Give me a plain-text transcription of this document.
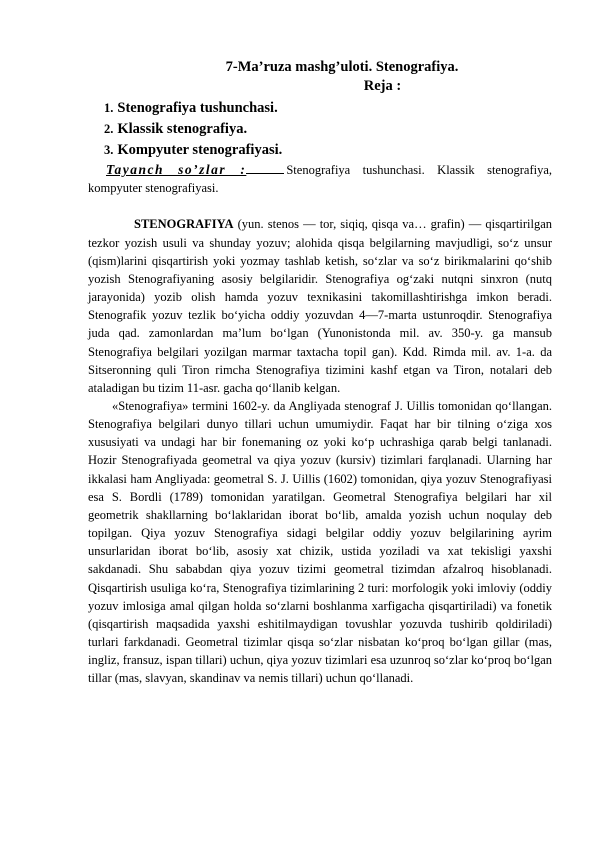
7-Ma’ruza mashg’uloti. Stenografiya.

Reja :

1. Stenografiya tushunchasi.
2. Klassik stenografiya.
3. Kompyuter stenografiyasi.

Tayanch so’zlar :	Stenografiya tushunchasi. Klassik stenografiya, kompyuter stenografiyasi.

STENOGRAFIYA (yun. stenos — tor, siqiq, qisqa va… grafin) — qisqartirilgan tezkor yozish usuli va shunday yozuv; alohida qisqa belgilarning mavjudligi, so‘z unsur (qism)larini qisqartirish yoki yozmay tashlab ketish, so‘zlar va so‘z birikmalarini qo‘shib yozish Stenografiyaning asosiy belgilaridir. Stenografiya og‘zaki nutqni sinxron (nutq jarayonida) yozib olish hamda yozuv texnikasini takomillashtirishga imkon beradi. Stenografik yozuv tezlik bo‘yicha oddiy yozuvdan 4—7-marta ustunroqdir. Stenografiya juda qad. zamonlardan ma’lum bo‘lgan (Yunonistonda mil. av. 350-y. ga mansub Stenografiya belgilari yozilgan marmar taxtacha topil gan). Kdd. Rimda mil. av. 1-a. da Sitseronning quli Tiron rimcha Stenografiya tizimini kashf etgan va Tiron, notalari deb ataladigan bu tizim 11-asr. gacha qo‘llanib kelgan.

«Stenografiya» termini 1602-y. da Angliyada stenograf J. Uillis tomonidan qo‘llangan. Stenografiya belgilari dunyo tillari uchun umumiydir. Faqat har bir tilning o‘ziga xos xususiyati va undagi har bir fonemaning oz yoki ko‘p uchrashiga qarab belgi tanlanadi. Hozir Stenografiyada geometral va qiya yozuv (kursiv) tizimlari farqlanadi. Ularning har ikkalasi ham Angliyada: geometral S. J. Uillis (1602) tomonidan, qiya yozuv Stenografiyasi esa S. Bordli (1789) tomonidan yaratilgan. Geometral Stenografiya belgilari har xil geometrik shakllarning bo‘laklaridan iborat bo‘lib, amalda yozish uchun noqulay deb topilgan. Qiya yozuv Stenografiya sidagi belgilar oddiy yozuv belgilarining ayrim unsurlaridan iborat bo‘lib, asosiy xat chizik, ustida yoziladi va xat tekisligi yaxshi sakdanadi. Shu sababdan qiya yozuv tizimi geometral tizimdan afzalroq hisoblanadi. Qisqartirish usuliga ko‘ra, Stenografiya tizimlarining 2 turi: morfologik yoki imloviy (oddiy yozuv imlosiga amal qilgan holda so‘zlarni boshlanma xarfigacha qisqartiriladi) va fonetik (qisqartirish maqsadida yaxshi eshitilmaydigan tovushlar yozuvda tushirib qoldiriladi) turlari farkdanadi. Geometral tizimlar qisqa so‘zlar nisbatan ko‘proq bo‘lgan gillar (mas, ingliz, fransuz, ispan tillari) uchun, qiya yozuv tizimlari esa uzunroq so‘zlar ko‘proq bo‘lgan tillar (mas, slavyan, skandinav va nemis tillari) uchun qo‘llanadi.
